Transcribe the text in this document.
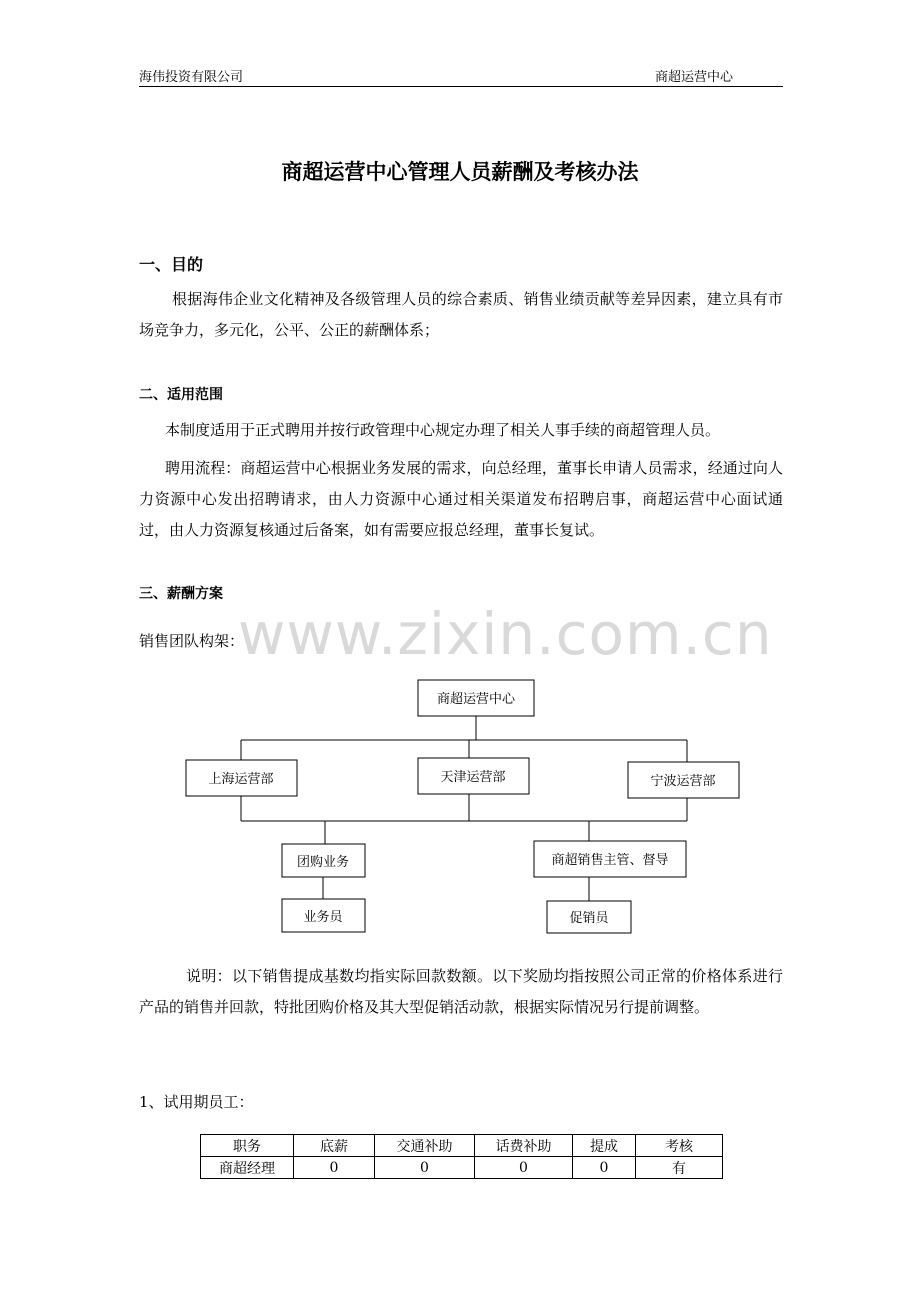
海伟投资有限公司	商超运营中心
商超运营中心管理人员薪酬及考核办法
一、目的
根据海伟企业文化精神及各级管理人员的综合素质、销售业绩贡献等差异因素，建立具有市场竞争力，多元化，公平、公正的薪酬体系；
二、适用范围
本制度适用于正式聘用并按行政管理中心规定办理了相关人事手续的商超管理人员。
聘用流程：商超运营中心根据业务发展的需求，向总经理，董事长申请人员需求，经通过向人力资源中心发出招聘请求，由人力资源中心通过相关渠道发布招聘启事，商超运营中心面试通过，由人力资源复核通过后备案，如有需要应报总经理，董事长复试。
三、薪酬方案
www.zixin.com.cn
销售团队构架：
商超运营中心
上海运营部	天津运营部	宁波运营部
团购业务	商超销售主管、督导
业务员	促销员
说明：以下销售提成基数均指实际回款数额。以下奖励均指按照公司正常的价格体系进行产品的销售并回款，特批团购价格及其大型促销活动款，根据实际情况另行提前调整。
1、试用期员工：
职务	底薪	交通补助	话费补助	提成	考核
商超经理	0	0	0	0	有
